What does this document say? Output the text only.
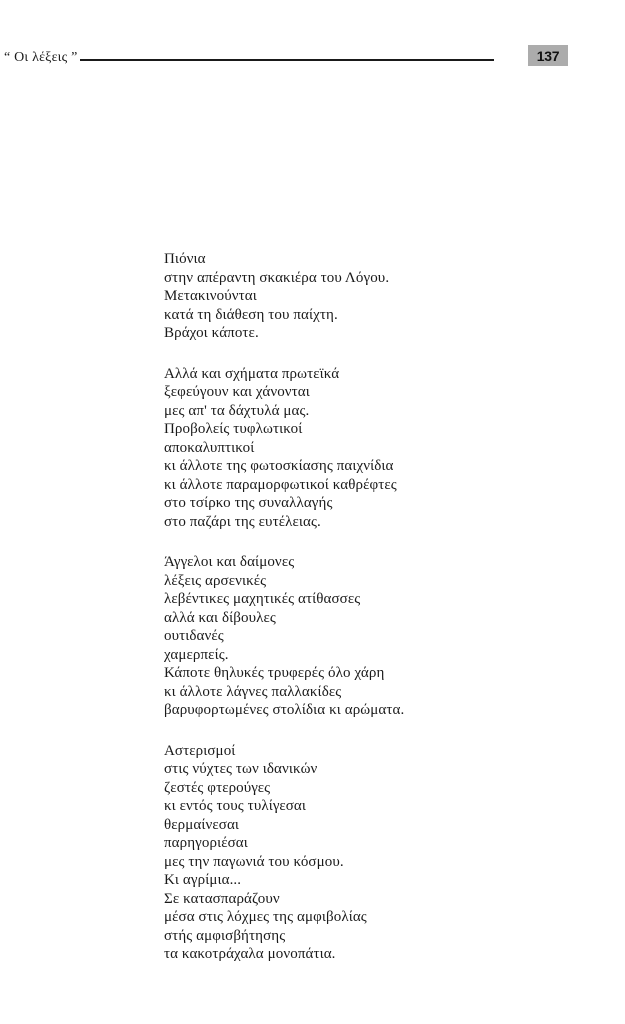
“ Οι λέξεις ”	137
Πιόνια
στην απέραντη σκακιέρα του Λόγου.
Μετακινούνται
κατά τη διάθεση του παίχτη.
Βράχοι κάποτε.
Αλλά και σχήματα πρωτεϊκά
ξεφεύγουν και χάνονται
μες απ' τα δάχτυλά μας.
Προβολείς τυφλωτικοί
αποκαλυπτικοί
κι άλλοτε της φωτοσκίασης παιχνίδια
κι άλλοτε παραμορφωτικοί καθρέφτες
στο τσίρκο της συναλλαγής
στο παζάρι της ευτέλειας.
Άγγελοι και δαίμονες
λέξεις αρσενικές
λεβέντικες μαχητικές ατίθασσες
αλλά και δίβουλες
ουτιδανές
χαμερπείς.
Κάποτε θηλυκές τρυφερές όλο χάρη
κι άλλοτε λάγνες παλλακίδες
βαρυφορτωμένες στολίδια κι αρώματα.
Αστερισμοί
στις νύχτες των ιδανικών
ζεστές φτερούγες
κι εντός τους τυλίγεσαι
θερμαίνεσαι
παρηγοριέσαι
μες την παγωνιά του κόσμου.
Κι αγρίμια...
Σε κατασπαράζουν
μέσα στις λόχμες της αμφιβολίας
στής αμφισβήτησης
τα κακοτράχαλα μονοπάτια.
